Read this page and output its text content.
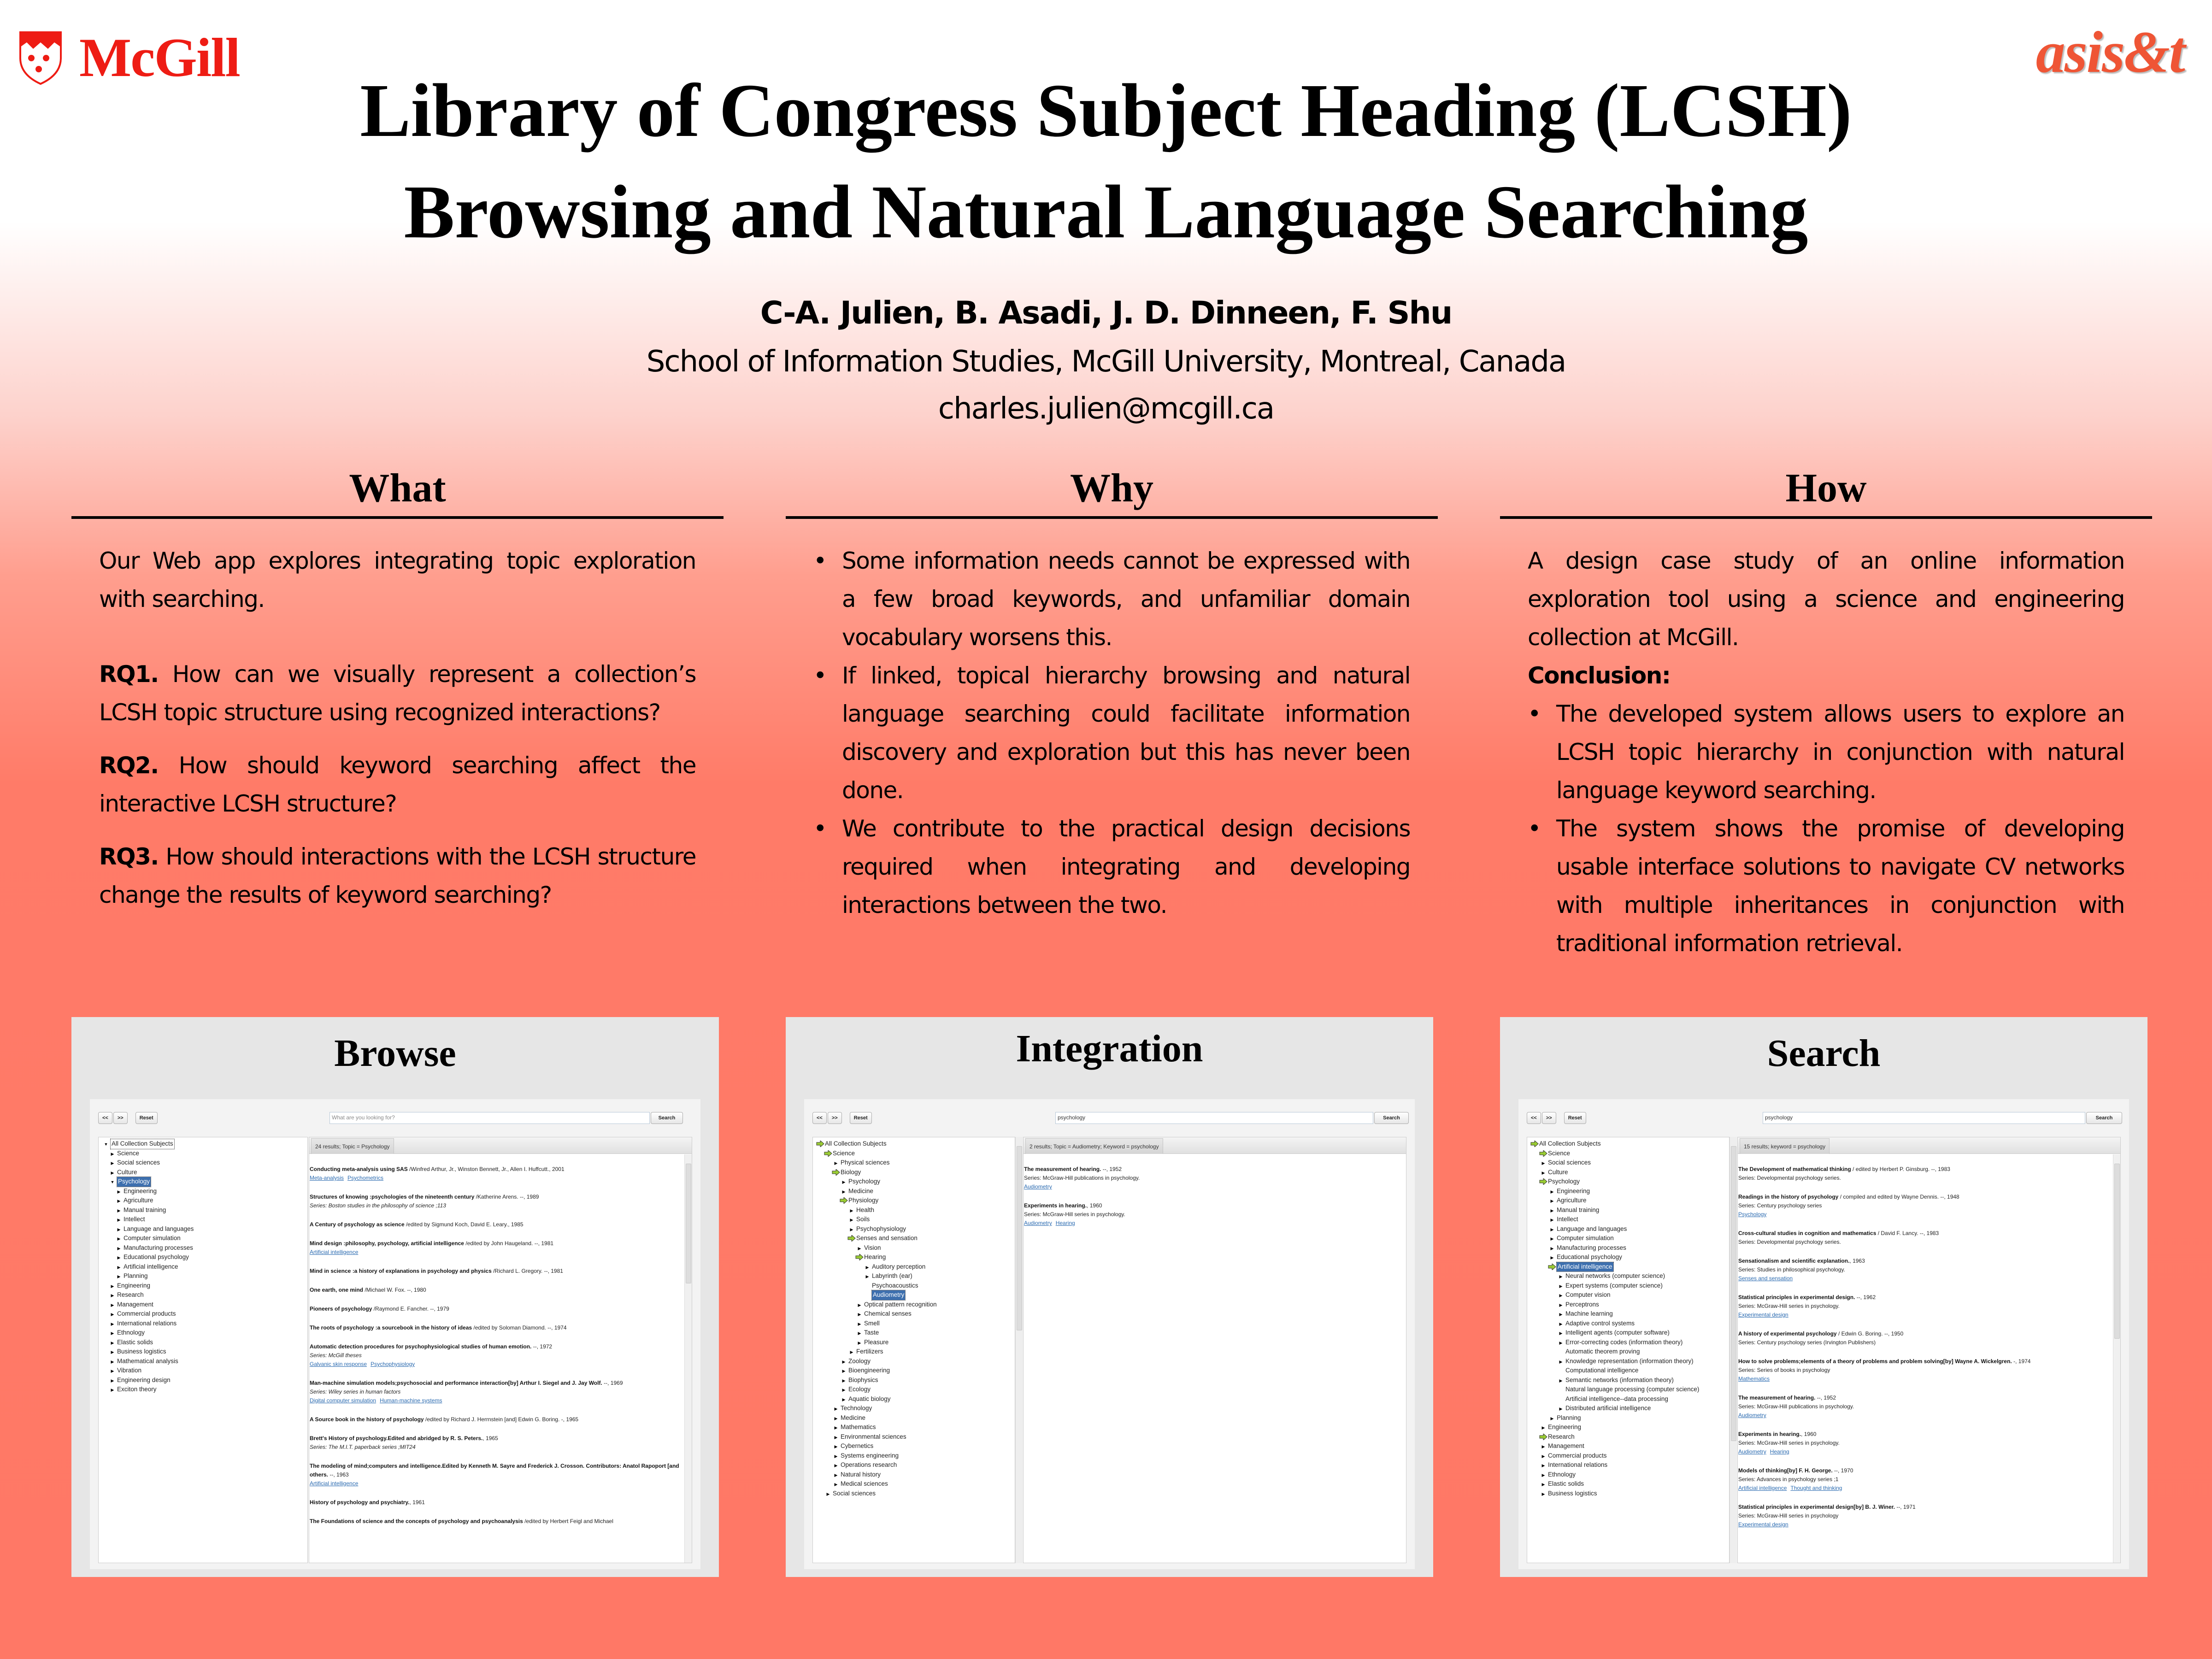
McGill	asis&t
Library of Congress Subject Heading (LCSH)
Browsing and Natural Language Searching
C-A. Julien, B. Asadi, J. D. Dinneen, F. Shu
School of Information Studies, McGill University, Montreal, Canada
charles.julien@mcgill.ca
What

Our Web app explores integrating topic exploration with searching.

RQ1. How can we visually represent a collection’s LCSH topic structure using recognized interactions?

RQ2. How should keyword searching affect the interactive LCSH structure?

RQ3. How should interactions with the LCSH structure change the results of keyword searching?

Why
• Some information needs cannot be expressed with a few broad keywords, and unfamiliar domain vocabulary worsens this.
• If linked, topical hierarchy browsing and natural language searching could facilitate information discovery and exploration but this has never been done.
• We contribute to the practical design decisions required when integrating and developing interactions between the two.
How

A design case study of an online information exploration tool using a science and engineering collection at McGill.

Conclusion:

• The developed system allows users to explore an LCSH topic hierarchy in conjunction with natural language keyword searching.
• The system shows the promise of developing usable interface solutions to navigate CV networks with multiple inheritances in conjunction with traditional information retrieval.
Browse
<<	>>	Reset	What are you looking for?	Search
▼ All Collection Subjects
▶ Science
▶ Social sciences
▶ Culture
▼ Psychology
▶ Engineering
▶ Agriculture
▶ Manual training
▶ Intellect
▶ Language and languages
▶ Computer simulation
▶ Manufacturing processes
▶ Educational psychology
▶ Artificial intelligence
▶ Planning
▶ Engineering
▶ Research
▶ Management
▶ Commercial products
▶ International relations
▶ Ethnology
▶ Elastic solids
▶ Business logistics
▶ Mathematical analysis
▶ Vibration
▶ Engineering design
▶ Exciton theory
24 results; Topic = Psychology
Conducting meta-analysis using SAS /Winfred Arthur, Jr., Winston Bennett, Jr., Allen I. Huffcutt., 2001
Meta-analysis Psychometrics
Structures of knowing :psychologies of the nineteenth century /Katherine Arens. --, 1989
Series: Boston studies in the philosophy of science ;113
A Century of psychology as science /edited by Sigmund Koch, David E. Leary., 1985
Mind design :philosophy, psychology, artificial intelligence /edited by John Haugeland. --, 1981
Artificial intelligence
Mind in science :a history of explanations in psychology and physics /Richard L. Gregory. --, 1981
One earth, one mind /Michael W. Fox. --, 1980
Pioneers of psychology /Raymond E. Fancher. --, 1979
The roots of psychology :a sourcebook in the history of ideas /edited by Soloman Diamond. --, 1974
Automatic detection procedures for psychophysiological studies of human emotion. --, 1972
Series: McGill theses
Galvanic skin response Psychophysiology
Man-machine simulation models;psychosocial and performance interaction[by] Arthur I. Siegel and J. Jay Wolf. --, 1969
Series: Wiley series in human factors
Digital computer simulation Human-machine systems
A Source book in the history of psychology /edited by Richard J. Herrnstein [and] Edwin G. Boring. -, 1965
Brett's History of psychology.Edited and abridged by R. S. Peters., 1965
Series: The M.I.T. paperback series ;MIT24
The modeling of mind;computers and intelligence.Edited by Kenneth M. Sayre and Frederick J. Crosson. Contributors: Anatol Rapoport [and others. --, 1963
Artificial intelligence
History of psychology and psychiatry., 1961
The Foundations of science and the concepts of psychology and psychoanalysis /edited by Herbert Feigl and Michael
Integration
<<	>>	Reset	psychology	Search
All Collection Subjects
Science
▶ Physical sciences
Biology
▶ Psychology
▶ Medicine
Physiology
▶ Health
▶ Soils
▶ Psychophysiology
Senses and sensation
▶ Vision
Hearing
▶ Auditory perception
▶ Labyrinth (ear)
Psychoacoustics
Audiometry
▶ Optical pattern recognition
▶ Chemical senses
▶ Smell
▶ Taste
▶ Pleasure
▶ Fertilizers
▶ Zoology
▶ Bioengineering
▶ Biophysics
▶ Ecology
▶ Aquatic biology
▶ Technology
▶ Medicine
▶ Mathematics
▶ Environmental sciences
▶ Cybernetics
▶ Systems engineering
▶ Operations research
▶ Natural history
▶ Medical sciences
▶ Social sciences
2 results; Topic = Audiometry; Keyword = psychology
The measurement of hearing. --, 1952
Series: McGraw-Hill publications in psychology.
Audiometry
Experiments in hearing., 1960
Series: McGraw-Hill series in psychology.
Audiometry Hearing
Search
<<	>>	Reset	psychology	Search
All Collection Subjects
Science
▶ Social sciences
▶ Culture
Psychology
▶ Engineering
▶ Agriculture
▶ Manual training
▶ Intellect
▶ Language and languages
▶ Computer simulation
▶ Manufacturing processes
▶ Educational psychology
Artificial intelligence
▶ Neural networks (computer science)
▶ Expert systems (computer science)
▶ Computer vision
▶ Perceptrons
▶ Machine learning
▶ Adaptive control systems
▶ Intelligent agents (computer software)
▶ Error-correcting codes (information theory)
Automatic theorem proving
▶ Knowledge representation (information theory)
Computational intelligence
▶ Semantic networks (information theory)
Natural language processing (computer science)
Artificial intelligence--data processing
▶ Distributed artificial intelligence
▶ Planning
▶ Engineering
Research
▶ Management
▶ Commercial products
▶ International relations
▶ Ethnology
▶ Elastic solids
▶ Business logistics
15 results; keyword = psychology
The Development of mathematical thinking / edited by Herbert P. Ginsburg. --, 1983
Series: Developmental psychology series.
Readings in the history of psychology / compiled and edited by Wayne Dennis. --, 1948
Series: Century psychology series
Psychology
Cross-cultural studies in cognition and mathematics / David F. Lancy. --, 1983
Series: Developmental psychology series.
Sensationalism and scientific explanation., 1963
Series: Studies in philosophical psychology.
Senses and sensation
Statistical principles in experimental design. --, 1962
Series: McGraw-Hill series in psychology.
Experimental design
A history of experimental psychology / Edwin G. Boring. --, 1950
Series: Century psychology series (Irvington Publishers)
How to solve problems;elements of a theory of problems and problem solving[by] Wayne A. Wickelgren. -, 1974
Series: Series of books in psychology
Mathematics
The measurement of hearing. --, 1952
Series: McGraw-Hill publications in psychology.
Audiometry
Experiments in hearing., 1960
Series: McGraw-Hill series in psychology.
Audiometry Hearing
Models of thinking[by] F. H. George. --, 1970
Series: Advances in psychology series ;1
Artificial intelligence Thought and thinking
Statistical principles in experimental design[by] B. J. Winer. --, 1971
Series: McGraw-Hill series in psychology
Experimental design
